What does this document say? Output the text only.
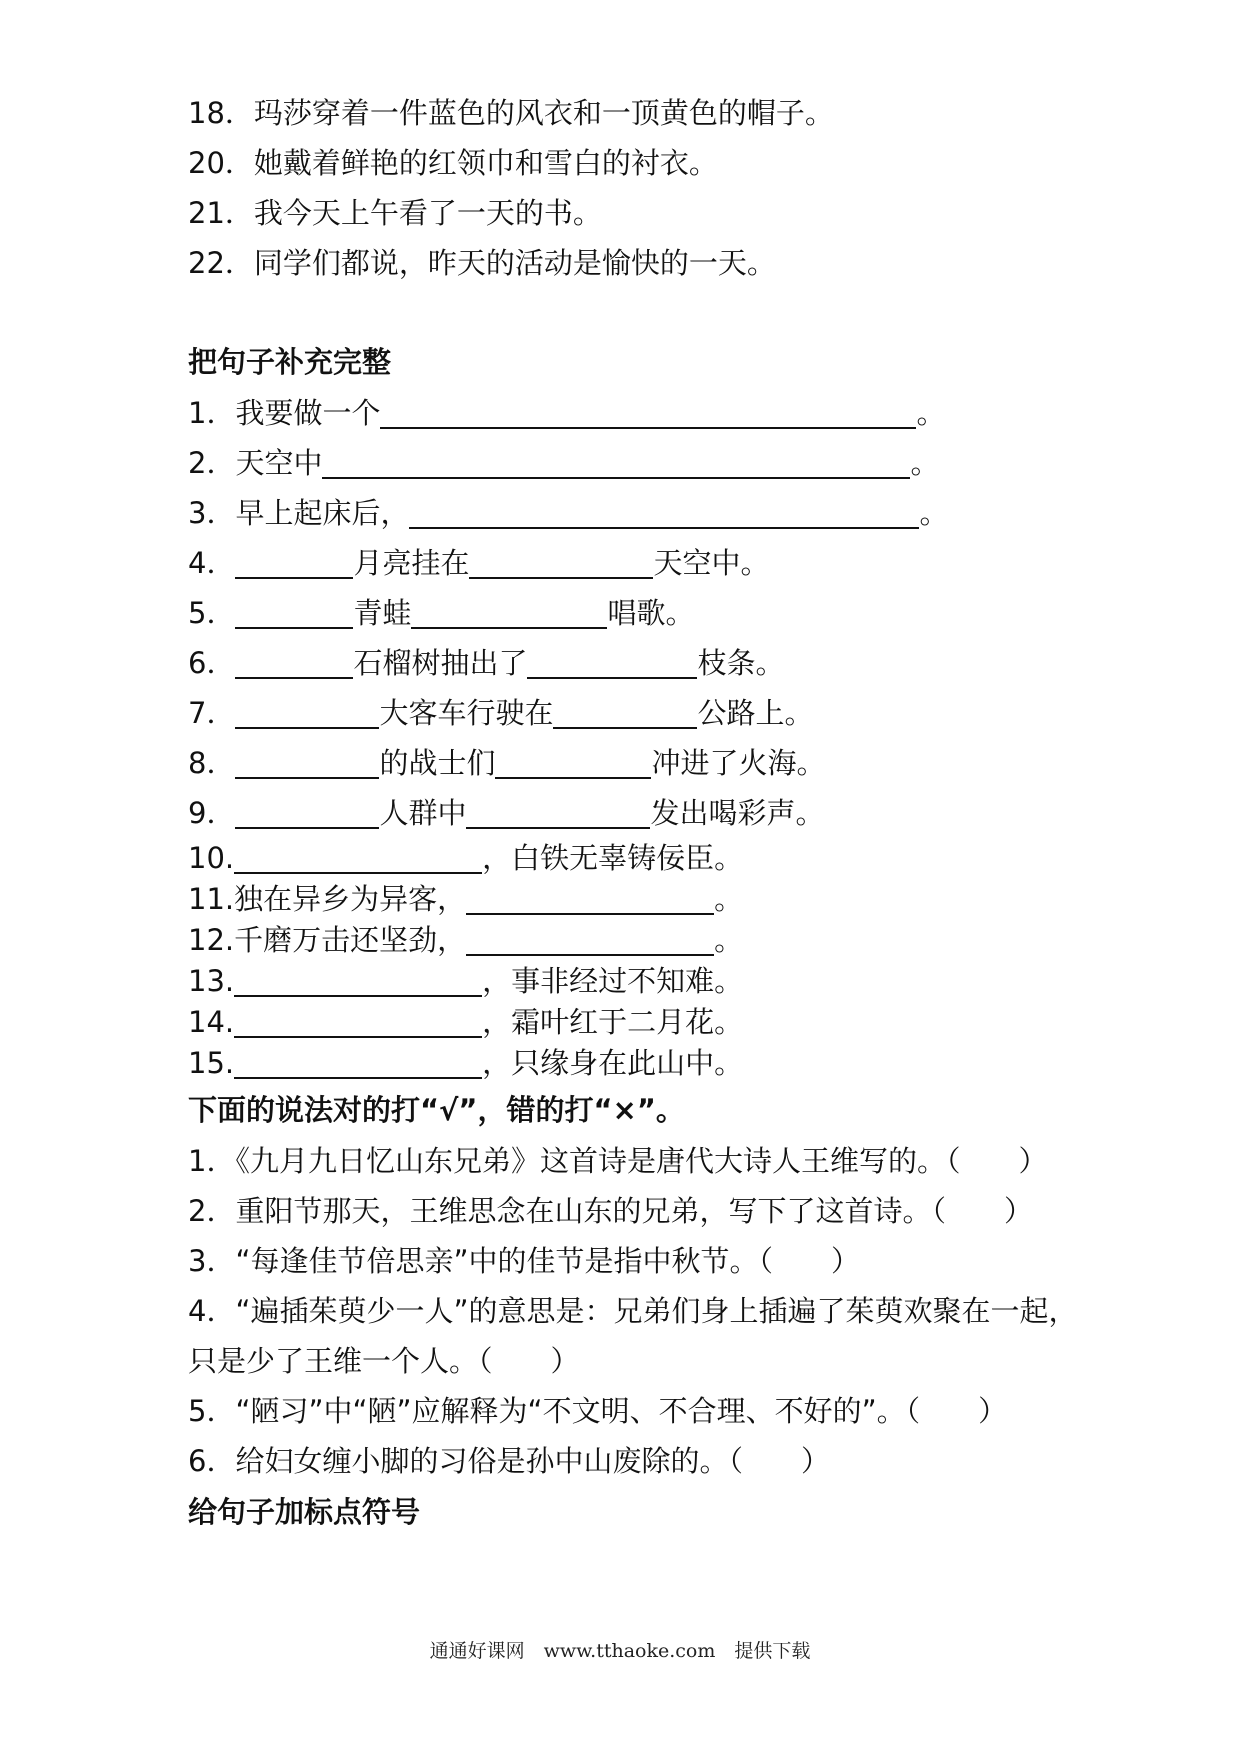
18．玛莎穿着一件蓝色的风衣和一顶黄色的帽子。
20．她戴着鲜艳的红领巾和雪白的衬衣。
21．我今天上午看了一天的书。
22．同学们都说，昨天的活动是愉快的一天。
把句子补充完整
1．我要做一个	。
2．天空中	。
3．早上起床后，	。
4．	月亮挂在	天空中。
5．	青蛙	唱歌。
6．	石榴树抽出了	枝条。
7．	大客车行驶在	公路上。
8．	的战士们	冲进了火海。
9．	人群中	发出喝彩声。
10.	，白铁无辜铸佞臣。
11.独在异乡为异客，	。
12.千磨万击还坚劲，	。
13.	，事非经过不知难。
14.	，霜叶红于二月花。
15.	，只缘身在此山中。
下面的说法对的打“√”，错的打“×”。
1．《九月九日忆山东兄弟》这首诗是唐代大诗人王维写的。（　　）
2．重阳节那天，王维思念在山东的兄弟，写下了这首诗。（　　）
3．“每逢佳节倍思亲”中的佳节是指中秋节。（　　）
4．“遍插茱萸少一人”的意思是：兄弟们身上插遍了茱萸欢聚在一起，
只是少了王维一个人。（　　）
5．“陋习”中“陋”应解释为“不文明、不合理、不好的”。（　　）
6．给妇女缠小脚的习俗是孙中山废除的。（　　）
给句子加标点符号
通通好课网　www.tthaoke.com　提供下载
